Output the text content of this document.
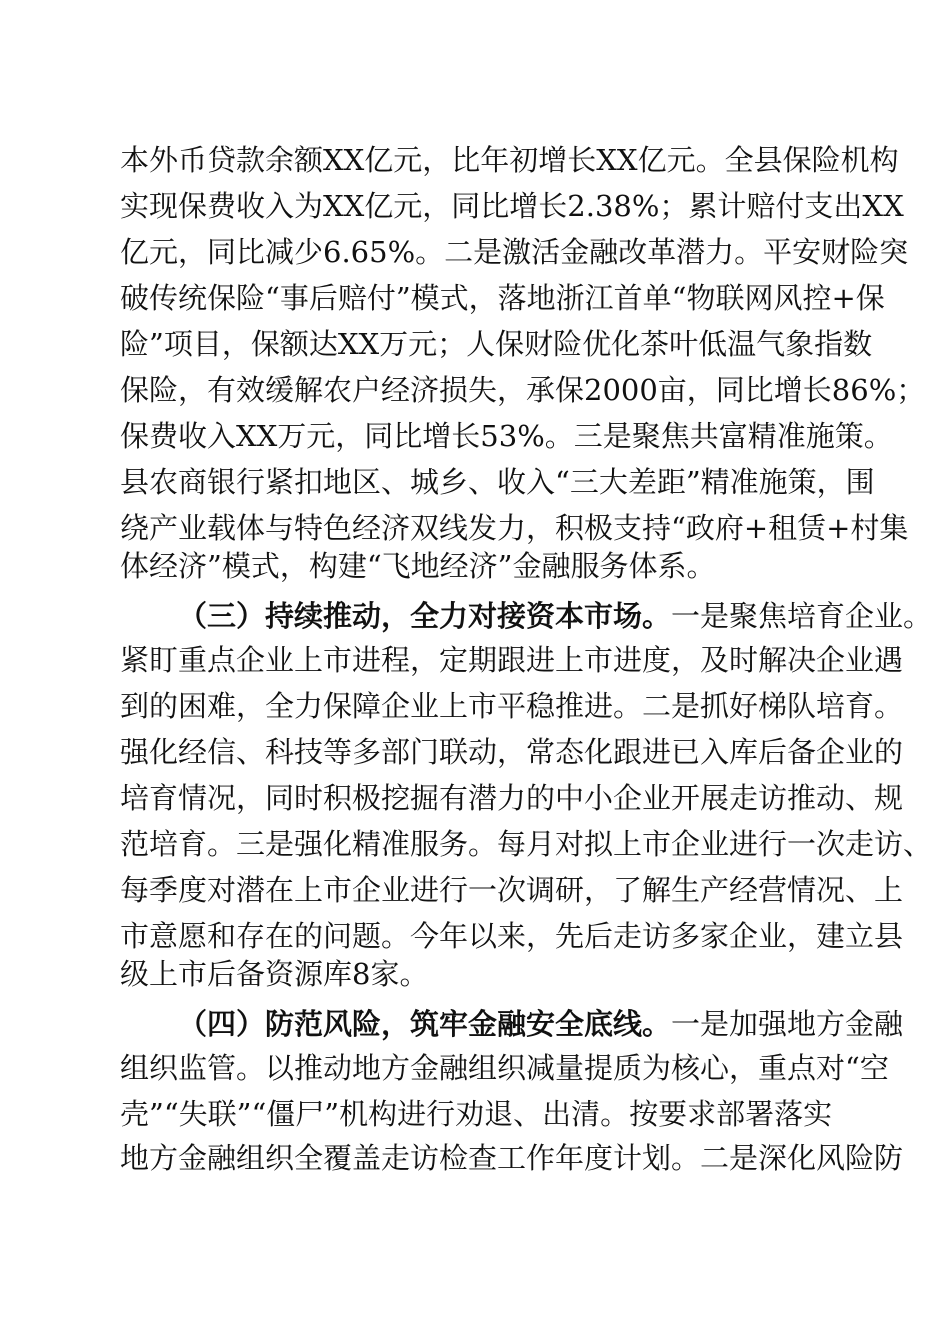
本外币贷款余额XX亿元，比年初增长XX亿元。全县保险机构
实现保费收入为XX亿元，同比增长2.38%；累计赔付支出XX
亿元，同比减少6.65%。二是激活金融改革潜力。平安财险突
破传统保险“事后赔付”模式，落地浙江首单“物联网风控+保
险”项目，保额达XX万元；人保财险优化茶叶低温气象指数
保险，有效缓解农户经济损失，承保2000亩，同比增长86%；
保费收入XX万元，同比增长53%。三是聚焦共富精准施策。
县农商银行紧扣地区、城乡、收入“三大差距”精准施策，围
绕产业载体与特色经济双线发力，积极支持“政府+租赁+村集
体经济”模式，构建“飞地经济”金融服务体系。
（三）持续推动，全力对接资本市场。一是聚焦培育企业。
紧盯重点企业上市进程，定期跟进上市进度，及时解决企业遇
到的困难，全力保障企业上市平稳推进。二是抓好梯队培育。
强化经信、科技等多部门联动，常态化跟进已入库后备企业的
培育情况，同时积极挖掘有潜力的中小企业开展走访推动、规
范培育。三是强化精准服务。每月对拟上市企业进行一次走访、
每季度对潜在上市企业进行一次调研，了解生产经营情况、上
市意愿和存在的问题。今年以来，先后走访多家企业，建立县
级上市后备资源库8家。
（四）防范风险，筑牢金融安全底线。一是加强地方金融
组织监管。以推动地方金融组织减量提质为核心，重点对“空
壳”“失联”“僵尸”机构进行劝退、出清。按要求部署落实
地方金融组织全覆盖走访检查工作年度计划。二是深化风险防
